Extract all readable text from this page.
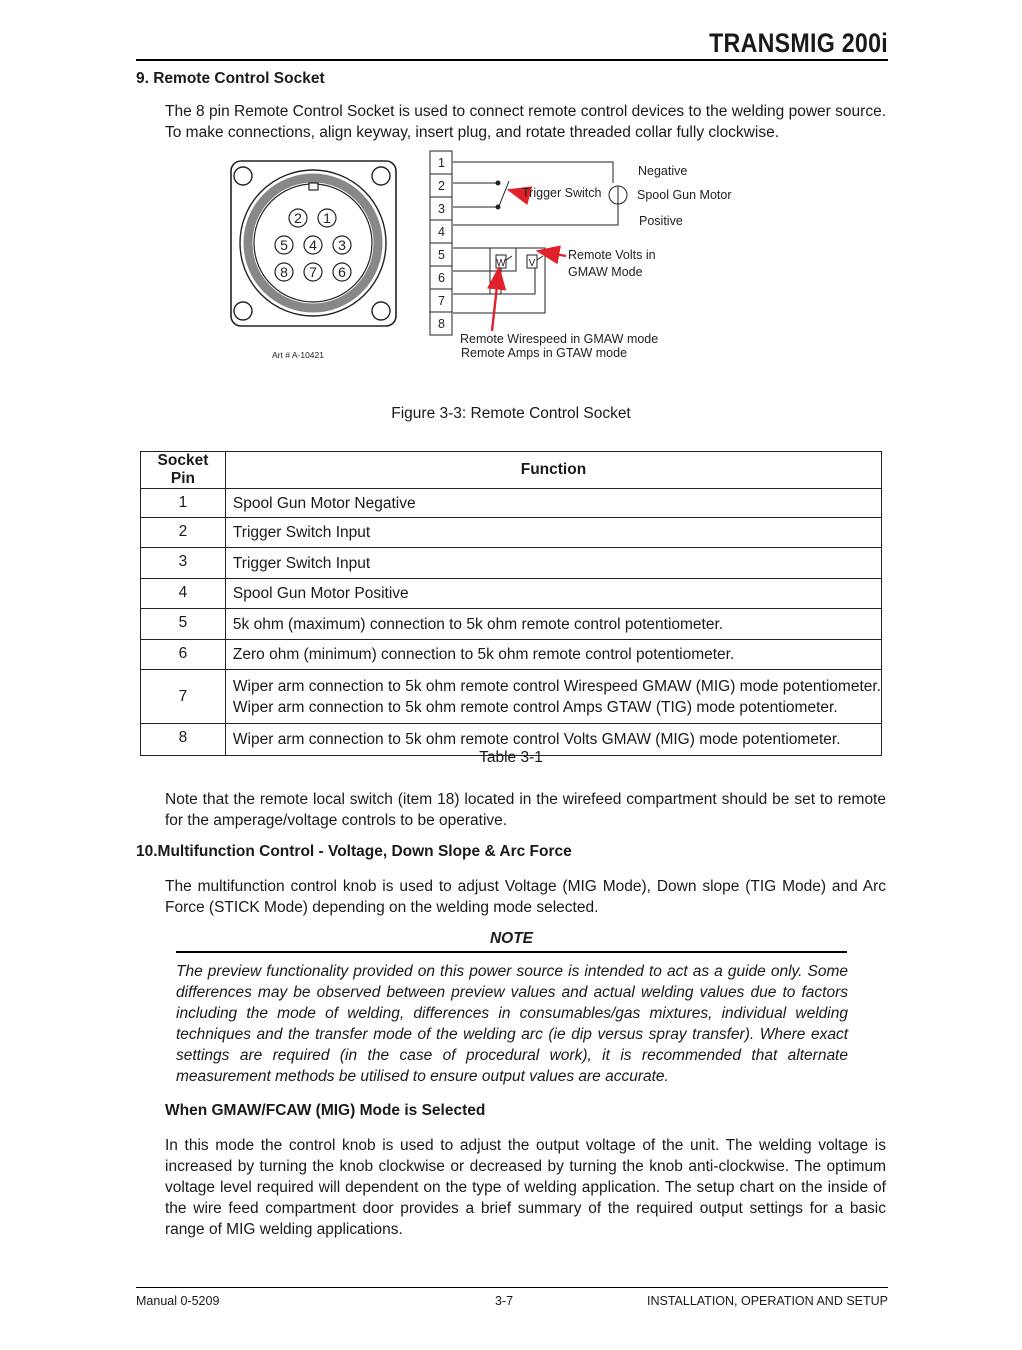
TRANSMIG 200i
9. Remote Control Socket
The 8 pin Remote Control Socket is used to connect remote control devices to the welding power source. To make connections, align keyway, insert plug, and rotate threaded collar fully clockwise.
2 1
5 4 3
8 7 6
Art # A-10421
1
2
3
4
5
6
7
8
W V
Negative
Spool Gun Motor
Positive
Trigger Switch
Remote Volts in
GMAW Mode
Remote Wirespeed in GMAW mode
Remote Amps in GTAW mode
Figure 3-3: Remote Control Socket
Socket Pin	Function
1	Spool Gun Motor Negative
2	Trigger Switch Input
3	Trigger Switch Input
4	Spool Gun Motor Positive
5	5k ohm (maximum) connection to 5k ohm remote control potentiometer.
6	Zero ohm (minimum) connection to 5k ohm remote control potentiometer.
7	Wiper arm connection to 5k ohm remote control Wirespeed GMAW (MIG) mode potentiometer.
Wiper arm connection to 5k ohm remote control Amps GTAW (TIG) mode potentiometer.

8	Wiper arm connection to 5k ohm remote control Volts GMAW (MIG) mode potentiometer.
Table 3-1
Note that the remote local switch (item 18) located in the wirefeed compartment should be set to remote for the amperage/voltage controls to be operative.
10.Multifunction Control - Voltage, Down Slope & Arc Force
The multifunction control knob is used to adjust Voltage (MIG Mode), Down slope (TIG Mode) and Arc Force (STICK Mode) depending on the welding mode selected.
NOTE
The preview functionality provided on this power source is intended to act as a guide only. Some differences may be observed between preview values and actual welding values due to factors including the mode of welding, differences in consumables/gas mixtures, individual welding techniques and the transfer mode of the welding arc (ie dip versus spray transfer). Where exact settings are required (in the case of procedural work), it is recommended that alternate measurement methods be utilised to ensure output values are accurate.
When GMAW/FCAW (MIG) Mode is Selected
In this mode the control knob is used to adjust the output voltage of the unit. The welding voltage is increased by turning the knob clockwise or decreased by turning the knob anti-clockwise. The optimum voltage level required will dependent on the type of welding application. The setup chart on the inside of the wire feed compartment door provides a brief summary of the required output settings for a basic range of MIG welding applications.
Manual 0-5209	3-7	INSTALLATION, OPERATION AND SETUP
